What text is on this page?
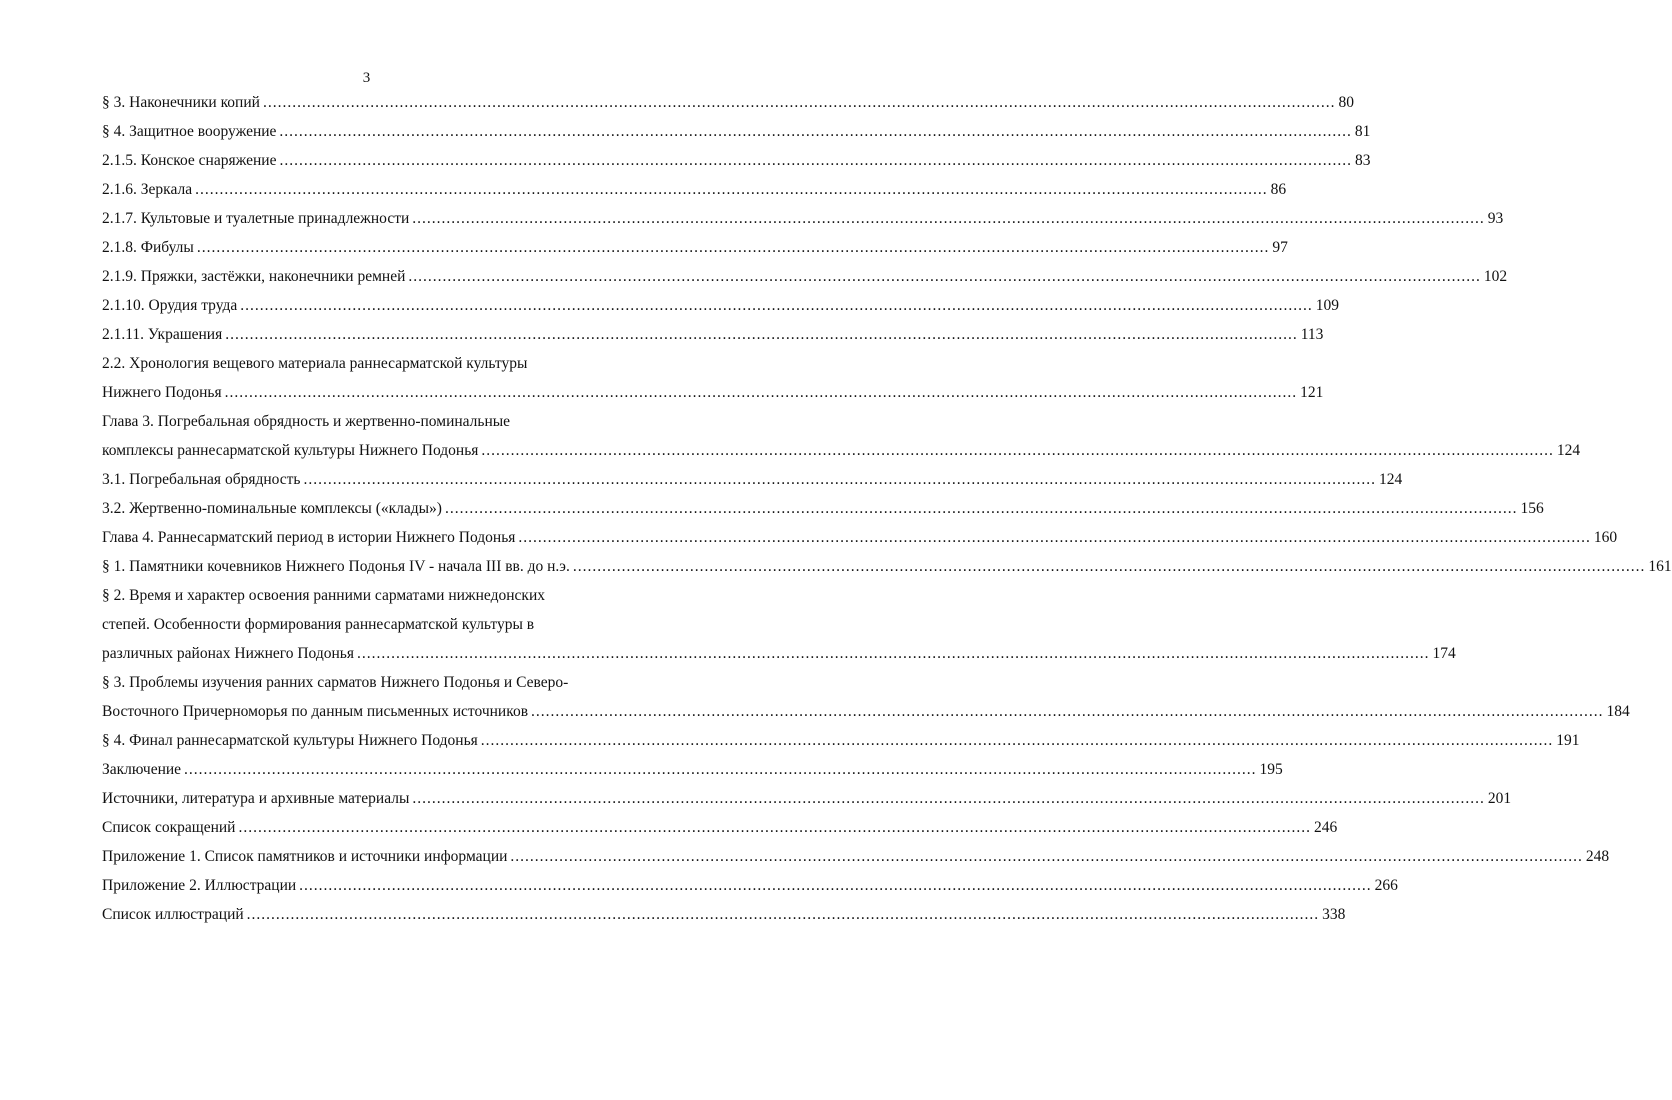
3
§ 3. Наконечники копий ............................................................................................................................................................................................................................ 80
§ 4. Защитное вооружение ............................................................................................................................................................................................................................ 81
2.1.5. Конское снаряжение ............................................................................................................................................................................................................................ 83
2.1.6. Зеркала ............................................................................................................................................................................................................................ 86
2.1.7. Культовые и туалетные принадлежности ............................................................................................................................................................................................................................ 93
2.1.8. Фибулы ............................................................................................................................................................................................................................ 97
2.1.9. Пряжки, застёжки, наконечники ремней ............................................................................................................................................................................................................................ 102
2.1.10. Орудия труда ............................................................................................................................................................................................................................ 109
2.1.11. Украшения ............................................................................................................................................................................................................................ 113
2.2. Хронология вещевого материала раннесарматской культуры
Нижнего Подонья ............................................................................................................................................................................................................................ 121
Глава 3. Погребальная обрядность и жертвенно-поминальные
комплексы раннесарматской культуры Нижнего Подонья ............................................................................................................................................................................................................................ 124
3.1. Погребальная обрядность ............................................................................................................................................................................................................................ 124
3.2. Жертвенно-поминальные комплексы («клады») ............................................................................................................................................................................................................................ 156
Глава 4. Раннесарматский период в истории Нижнего Подонья ............................................................................................................................................................................................................................ 160
§ 1. Памятники кочевников Нижнего Подонья IV - начала III вв. до н.э. ............................................................................................................................................................................................................................ 161
§ 2. Время и характер освоения ранними сарматами нижнедонских
степей. Особенности формирования раннесарматской культуры в
различных районах Нижнего Подонья ............................................................................................................................................................................................................................ 174
§ 3. Проблемы изучения ранних сарматов Нижнего Подонья и Северо-
Восточного Причерноморья по данным письменных источников ............................................................................................................................................................................................................................ 184
§ 4. Финал раннесарматской культуры Нижнего Подонья ............................................................................................................................................................................................................................ 191
Заключение ............................................................................................................................................................................................................................ 195
Источники, литература и архивные материалы ............................................................................................................................................................................................................................ 201
Список сокращений ............................................................................................................................................................................................................................ 246
Приложение 1. Список памятников и источники информации ............................................................................................................................................................................................................................ 248
Приложение 2. Иллюстрации ............................................................................................................................................................................................................................ 266
Список иллюстраций ............................................................................................................................................................................................................................ 338
